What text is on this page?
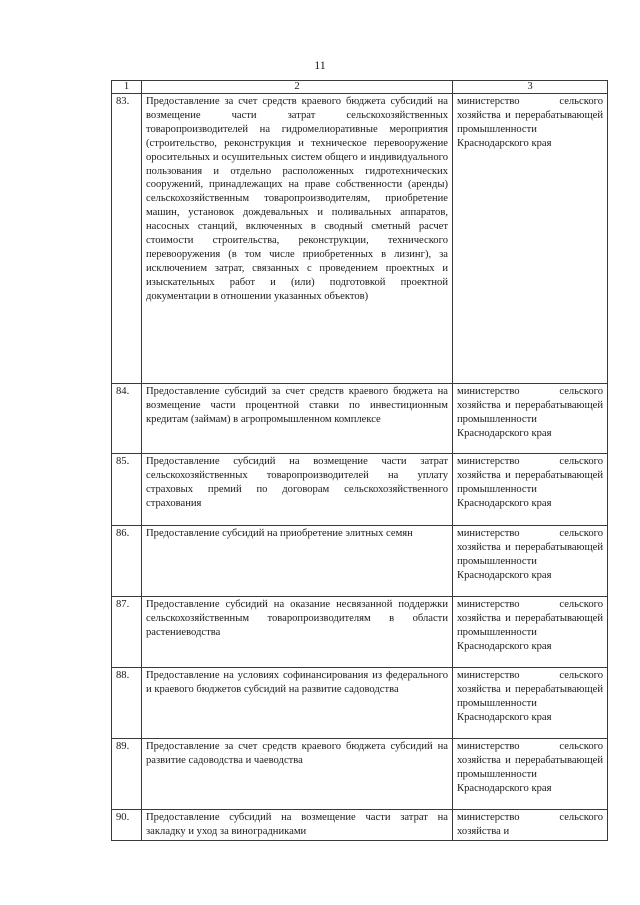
11
1	2	3
83.	Предоставление за счет средств краевого бюджета субсидий на возмещение части затрат сельскохозяйственных товаропроизводителей на гидромелиоративные мероприятия (строительство, реконструкция и техническое перевооружение оросительных и осушительных систем общего и индивидуального пользования и отдельно расположенных гидротехнических сооружений, принадлежащих на праве собственности (аренды) сельскохозяйственным товаропроизводителям, приобретение машин, установок дождевальных и поливальных аппаратов, насосных станций, включенных в сводный сметный расчет стоимости строительства, реконструкции, технического перевооружения (в том числе приобретенных в лизинг), за исключением затрат, связанных с проведением проектных и изыскательных работ и (или) подготовкой проектной документации в отношении указанных объектов)	министерство сельского хозяйства и перерабатывающей промышленности Краснодарского края
84.	Предоставление субсидий за счет средств краевого бюджета на возмещение части процентной ставки по инвестиционным кредитам (займам) в агропромышленном комплексе	министерство сельского хозяйства и перерабатывающей промышленности Краснодарского края
85.	Предоставление субсидий на возмещение части затрат сельскохозяйственных товаропроизводителей на уплату страховых премий по договорам сельскохозяйственного страхования	министерство сельского хозяйства и перерабатывающей промышленности Краснодарского края
86.	Предоставление субсидий на приобретение элитных семян	министерство сельского хозяйства и перерабатывающей промышленности Краснодарского края
87.	Предоставление субсидий на оказание несвязанной поддержки сельскохозяйственным товаропроизводителям в области растениеводства	министерство сельского хозяйства и перерабатывающей промышленности Краснодарского края
88.	Предоставление на условиях софинансирования из федерального и краевого бюджетов субсидий на развитие садоводства	министерство сельского хозяйства и перерабатывающей промышленности Краснодарского края
89.	Предоставление за счет средств краевого бюджета субсидий на развитие садоводства и чаеводства	министерство сельского хозяйства и перерабатывающей промышленности Краснодарского края
90.	Предоставление субсидий на возмещение части затрат на закладку и уход за виноградниками	министерство сельского хозяйства и
